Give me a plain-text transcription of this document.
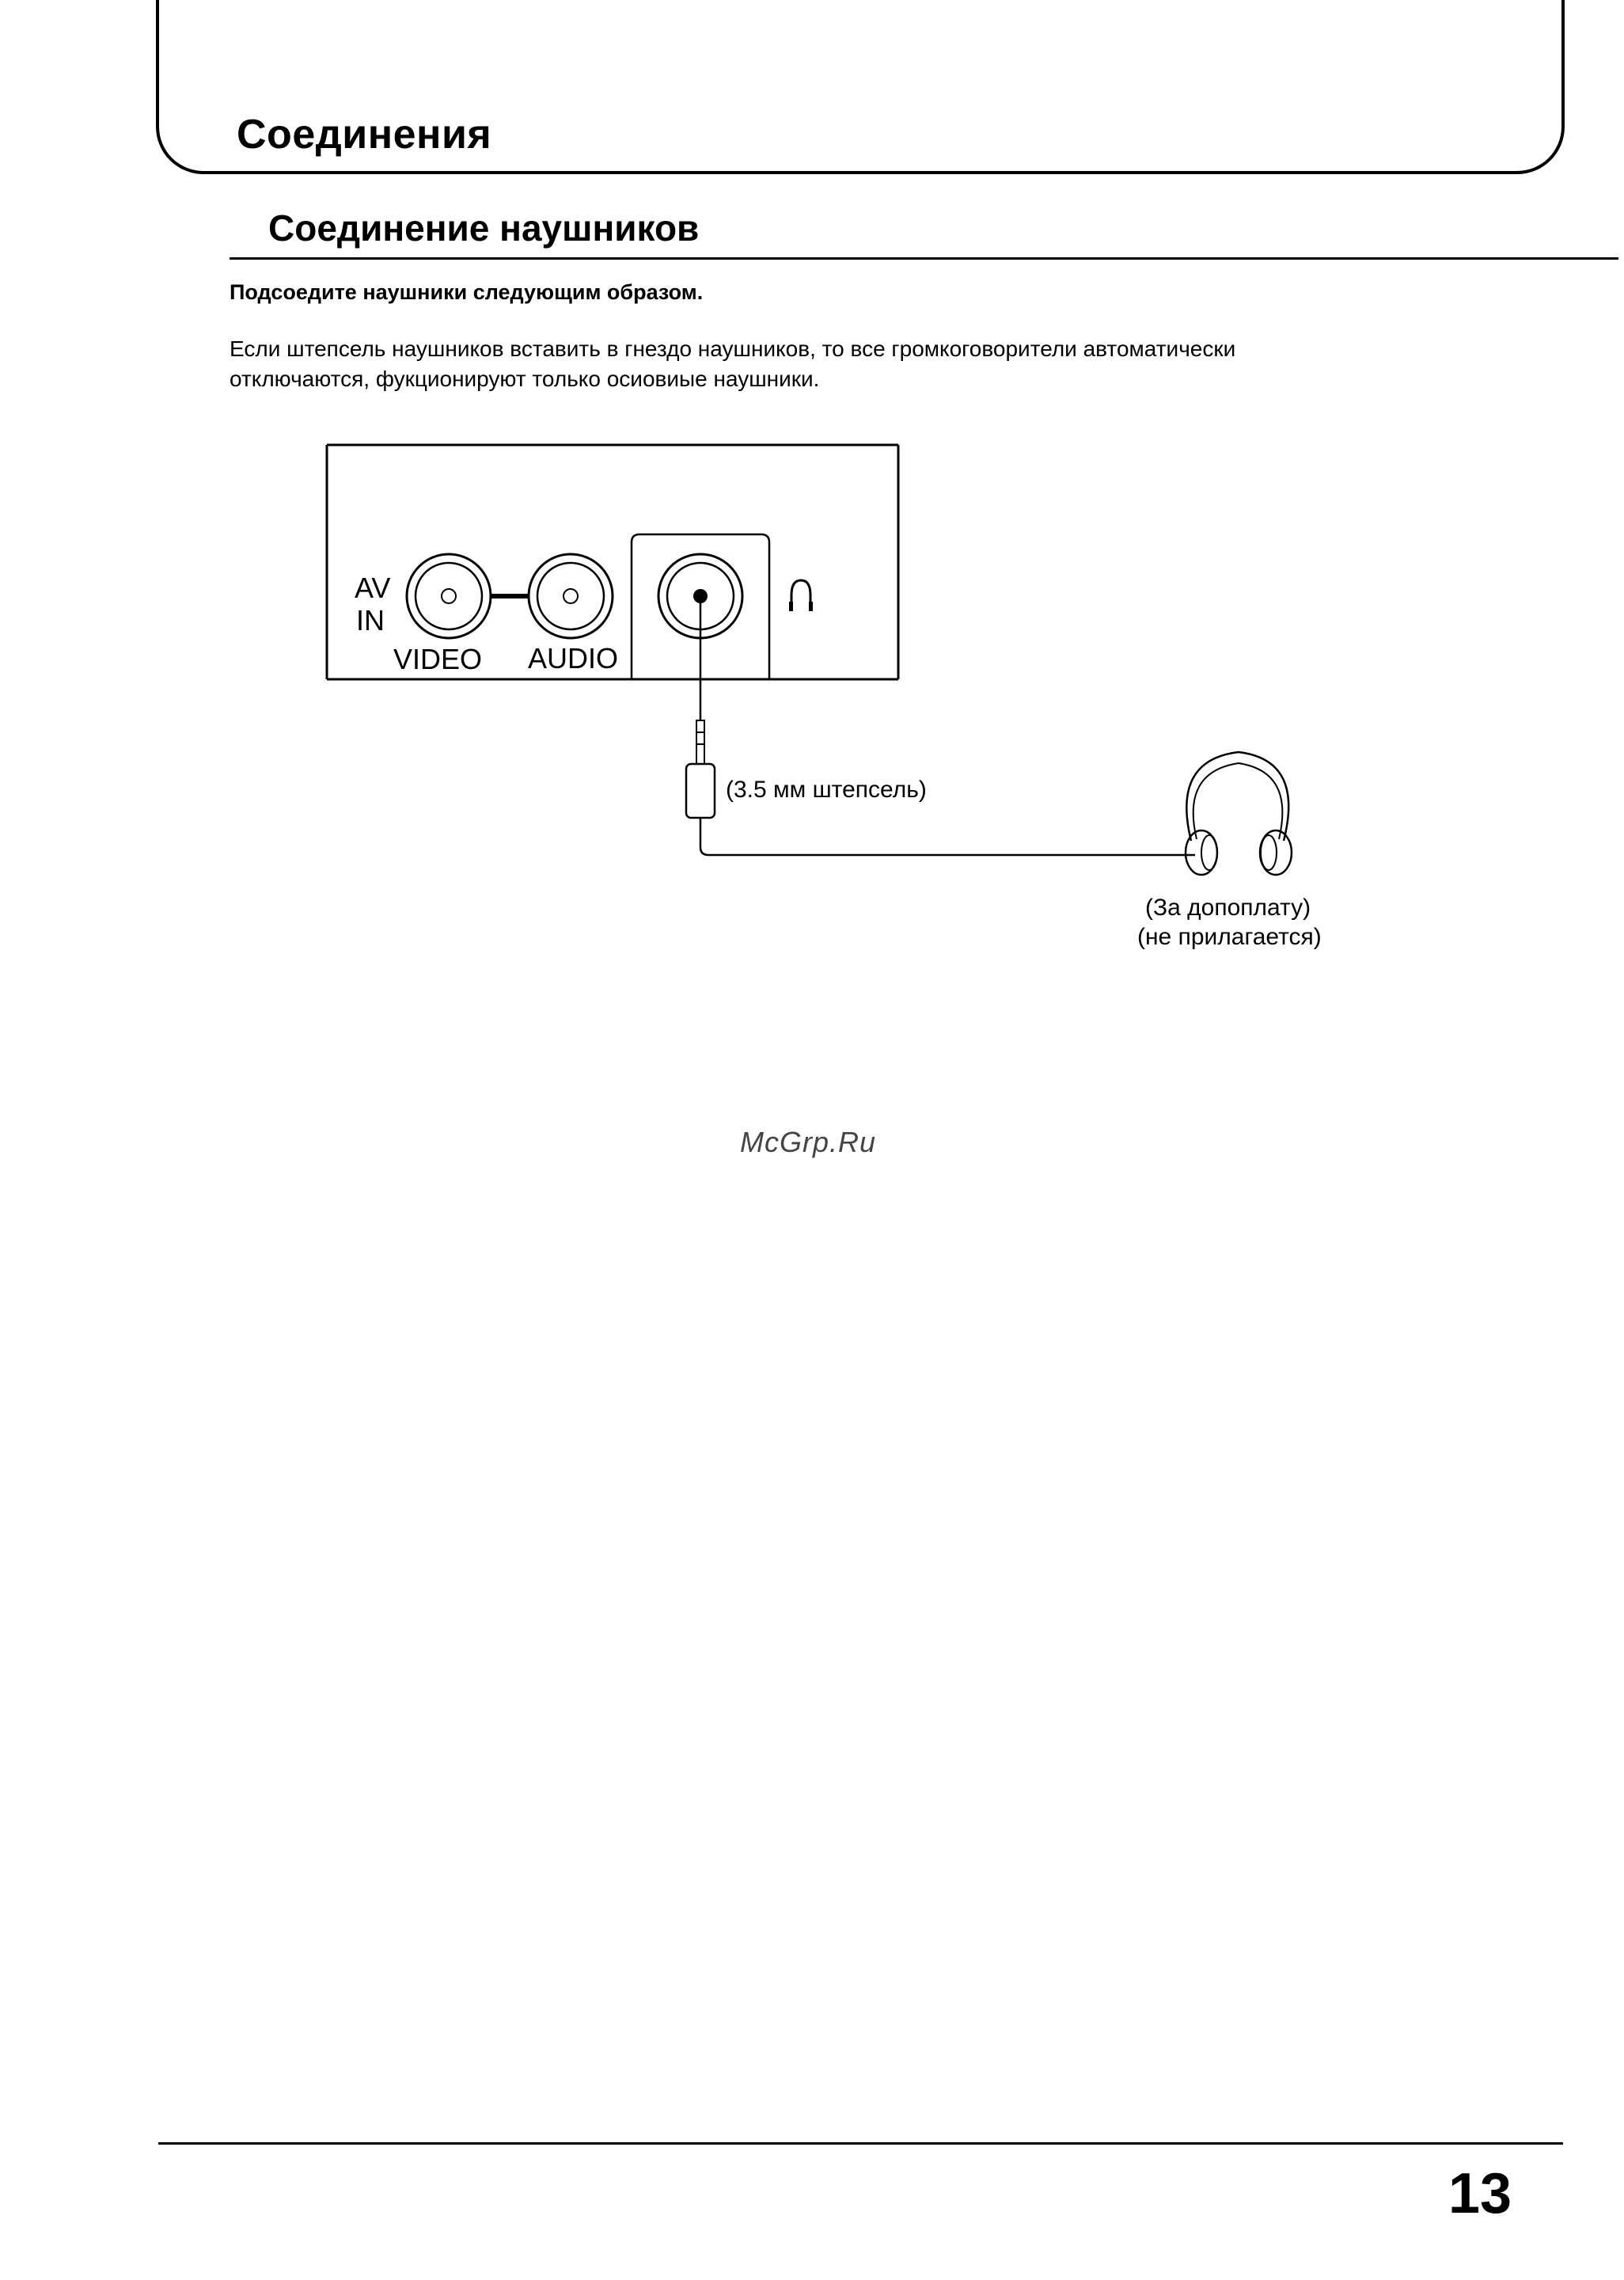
Соединения
Соединение наушников
Подсоедите наушники следующим образом.
Если штепсель наушников вставить в гнездо наушников, то все громкоговорители автоматически
отключаются, фукционируют только осиовиые наушники.
AV
IN
VIDEO AUDIO
(3.5 мм штепсель)
(За допоплату)
(не прилагается)
McGrp.Ru
13
